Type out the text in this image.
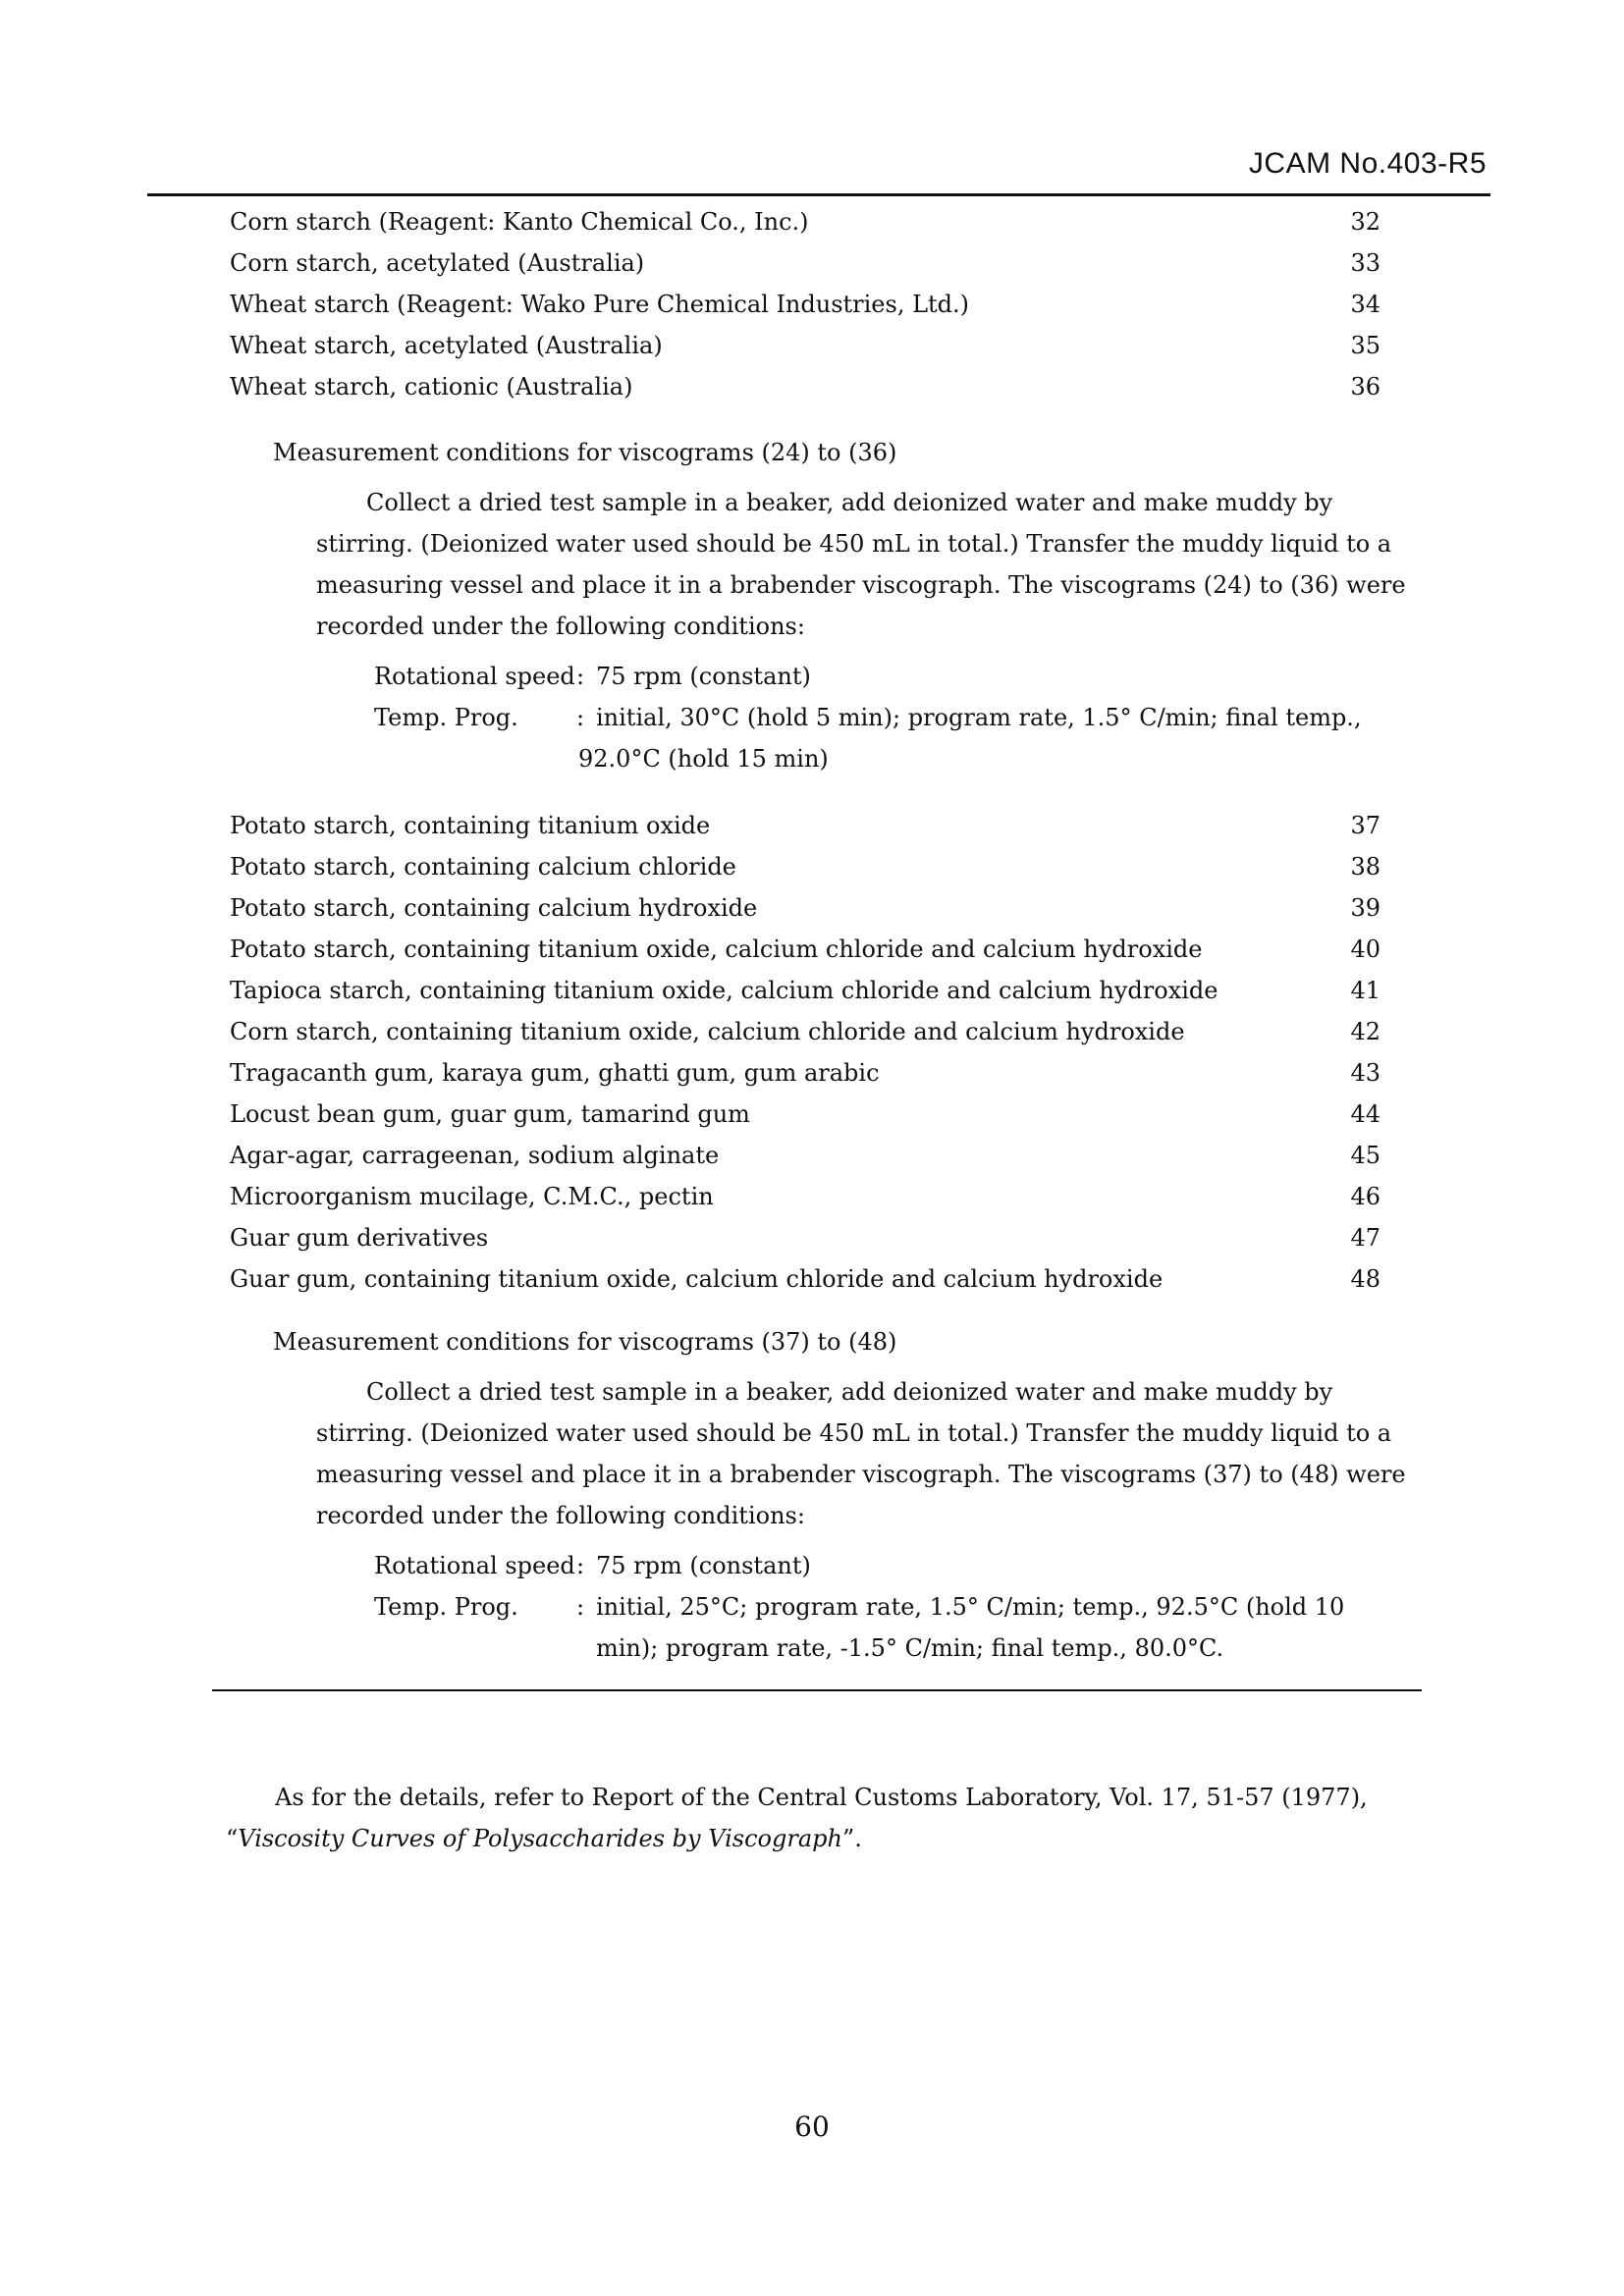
JCAM No.403-R5
Corn starch (Reagent: Kanto Chemical Co., Inc.)	32
Corn starch, acetylated (Australia)	33
Wheat starch (Reagent: Wako Pure Chemical Industries, Ltd.)	34
Wheat starch, acetylated (Australia)	35
Wheat starch, cationic (Australia)	36
Measurement conditions for viscograms (24) to (36)
Collect a dried test sample in a beaker, add deionized water and make muddy by
stirring. (Deionized water used should be 450 mL in total.) Transfer the muddy liquid to a
measuring vessel and place it in a brabender viscograph. The viscograms (24) to (36) were
recorded under the following conditions:
Rotational speed : 75 rpm (constant)
Temp. Prog. : initial, 30°C (hold 5 min); program rate, 1.5° C/min; final temp.,
92.0°C (hold 15 min)
Potato starch, containing titanium oxide	37
Potato starch, containing calcium chloride	38
Potato starch, containing calcium hydroxide	39
Potato starch, containing titanium oxide, calcium chloride and calcium hydroxide	40
Tapioca starch, containing titanium oxide, calcium chloride and calcium hydroxide	41
Corn starch, containing titanium oxide, calcium chloride and calcium hydroxide	42
Tragacanth gum, karaya gum, ghatti gum, gum arabic	43
Locust bean gum, guar gum, tamarind gum	44
Agar-agar, carrageenan, sodium alginate	45
Microorganism mucilage, C.M.C., pectin	46
Guar gum derivatives	47
Guar gum, containing titanium oxide, calcium chloride and calcium hydroxide	48
Measurement conditions for viscograms (37) to (48)
Collect a dried test sample in a beaker, add deionized water and make muddy by
stirring. (Deionized water used should be 450 mL in total.) Transfer the muddy liquid to a
measuring vessel and place it in a brabender viscograph. The viscograms (37) to (48) were
recorded under the following conditions:
Rotational speed : 75 rpm (constant)
Temp. Prog. : initial, 25°C; program rate, 1.5° C/min; temp., 92.5°C (hold 10
min); program rate, -1.5° C/min; final temp., 80.0°C.
As for the details, refer to Report of the Central Customs Laboratory, Vol. 17, 51-57 (1977),
“Viscosity Curves of Polysaccharides by Viscograph”.
60
